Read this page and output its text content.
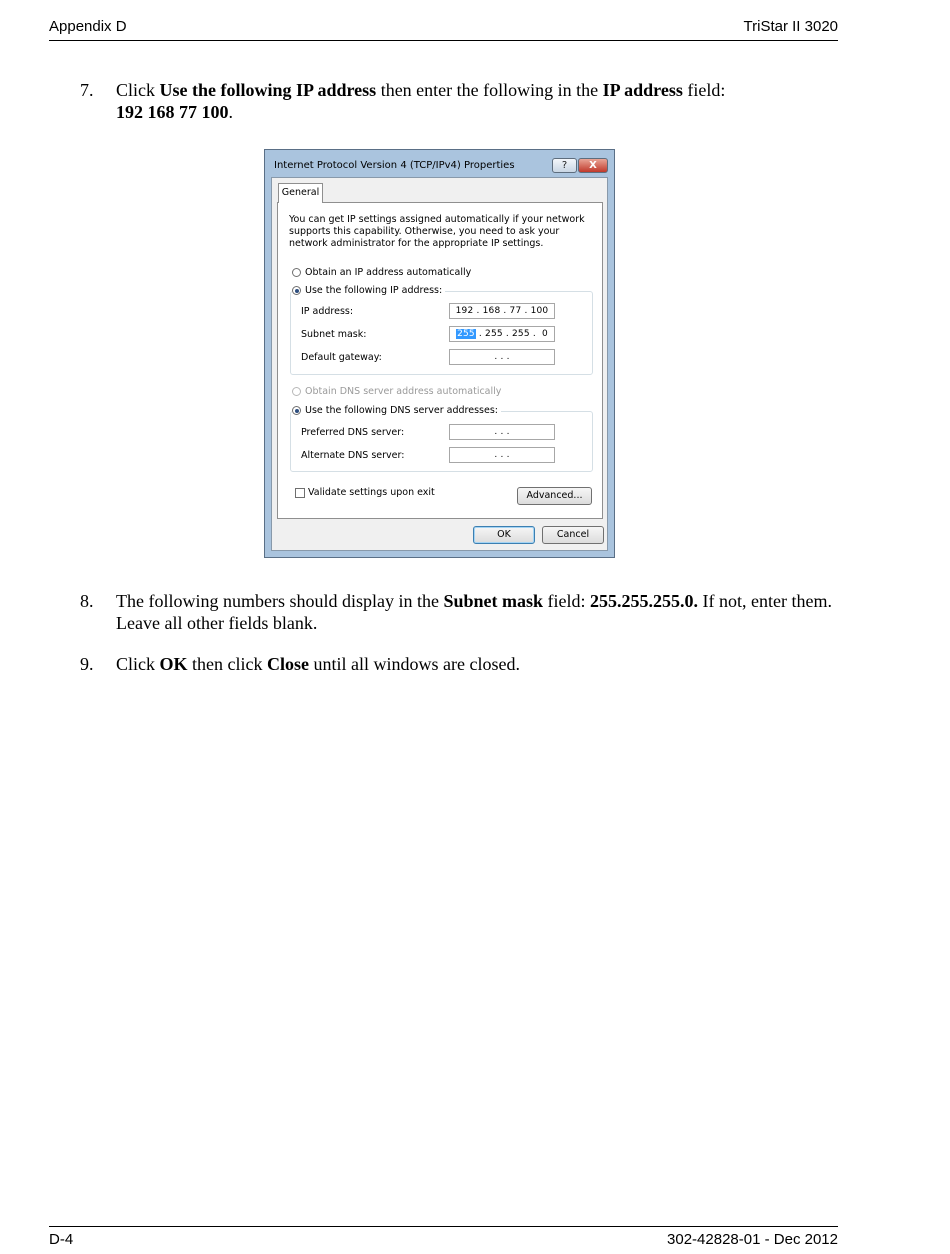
Appendix D	TriStar II 3020
7. Click Use the following IP address then enter the following in the IP address field:
192 168 77 100.
Internet Protocol Version 4 (TCP/IPv4) Properties	?	X
General
You can get IP settings assigned automatically if your network supports this capability. Otherwise, you need to ask your network administrator for the appropriate IP settings.
Obtain an IP address automatically
IP address:	192 . 168 . 77 . 100
Subnet mask:	255 . 255 . 255 .  0
Default gateway:	. . .
Use the following IP address:
Obtain DNS server address automatically
Preferred DNS server:	. . .
Alternate DNS server:	. . .
Use the following DNS server addresses:
Validate settings upon exit	Advanced...
OK	Cancel
8. The following numbers should display in the Subnet mask field: 255.255.255.0. If not, enter them. Leave all other fields blank.
9. Click OK then click Close until all windows are closed.
D-4	302-42828-01 - Dec 2012
